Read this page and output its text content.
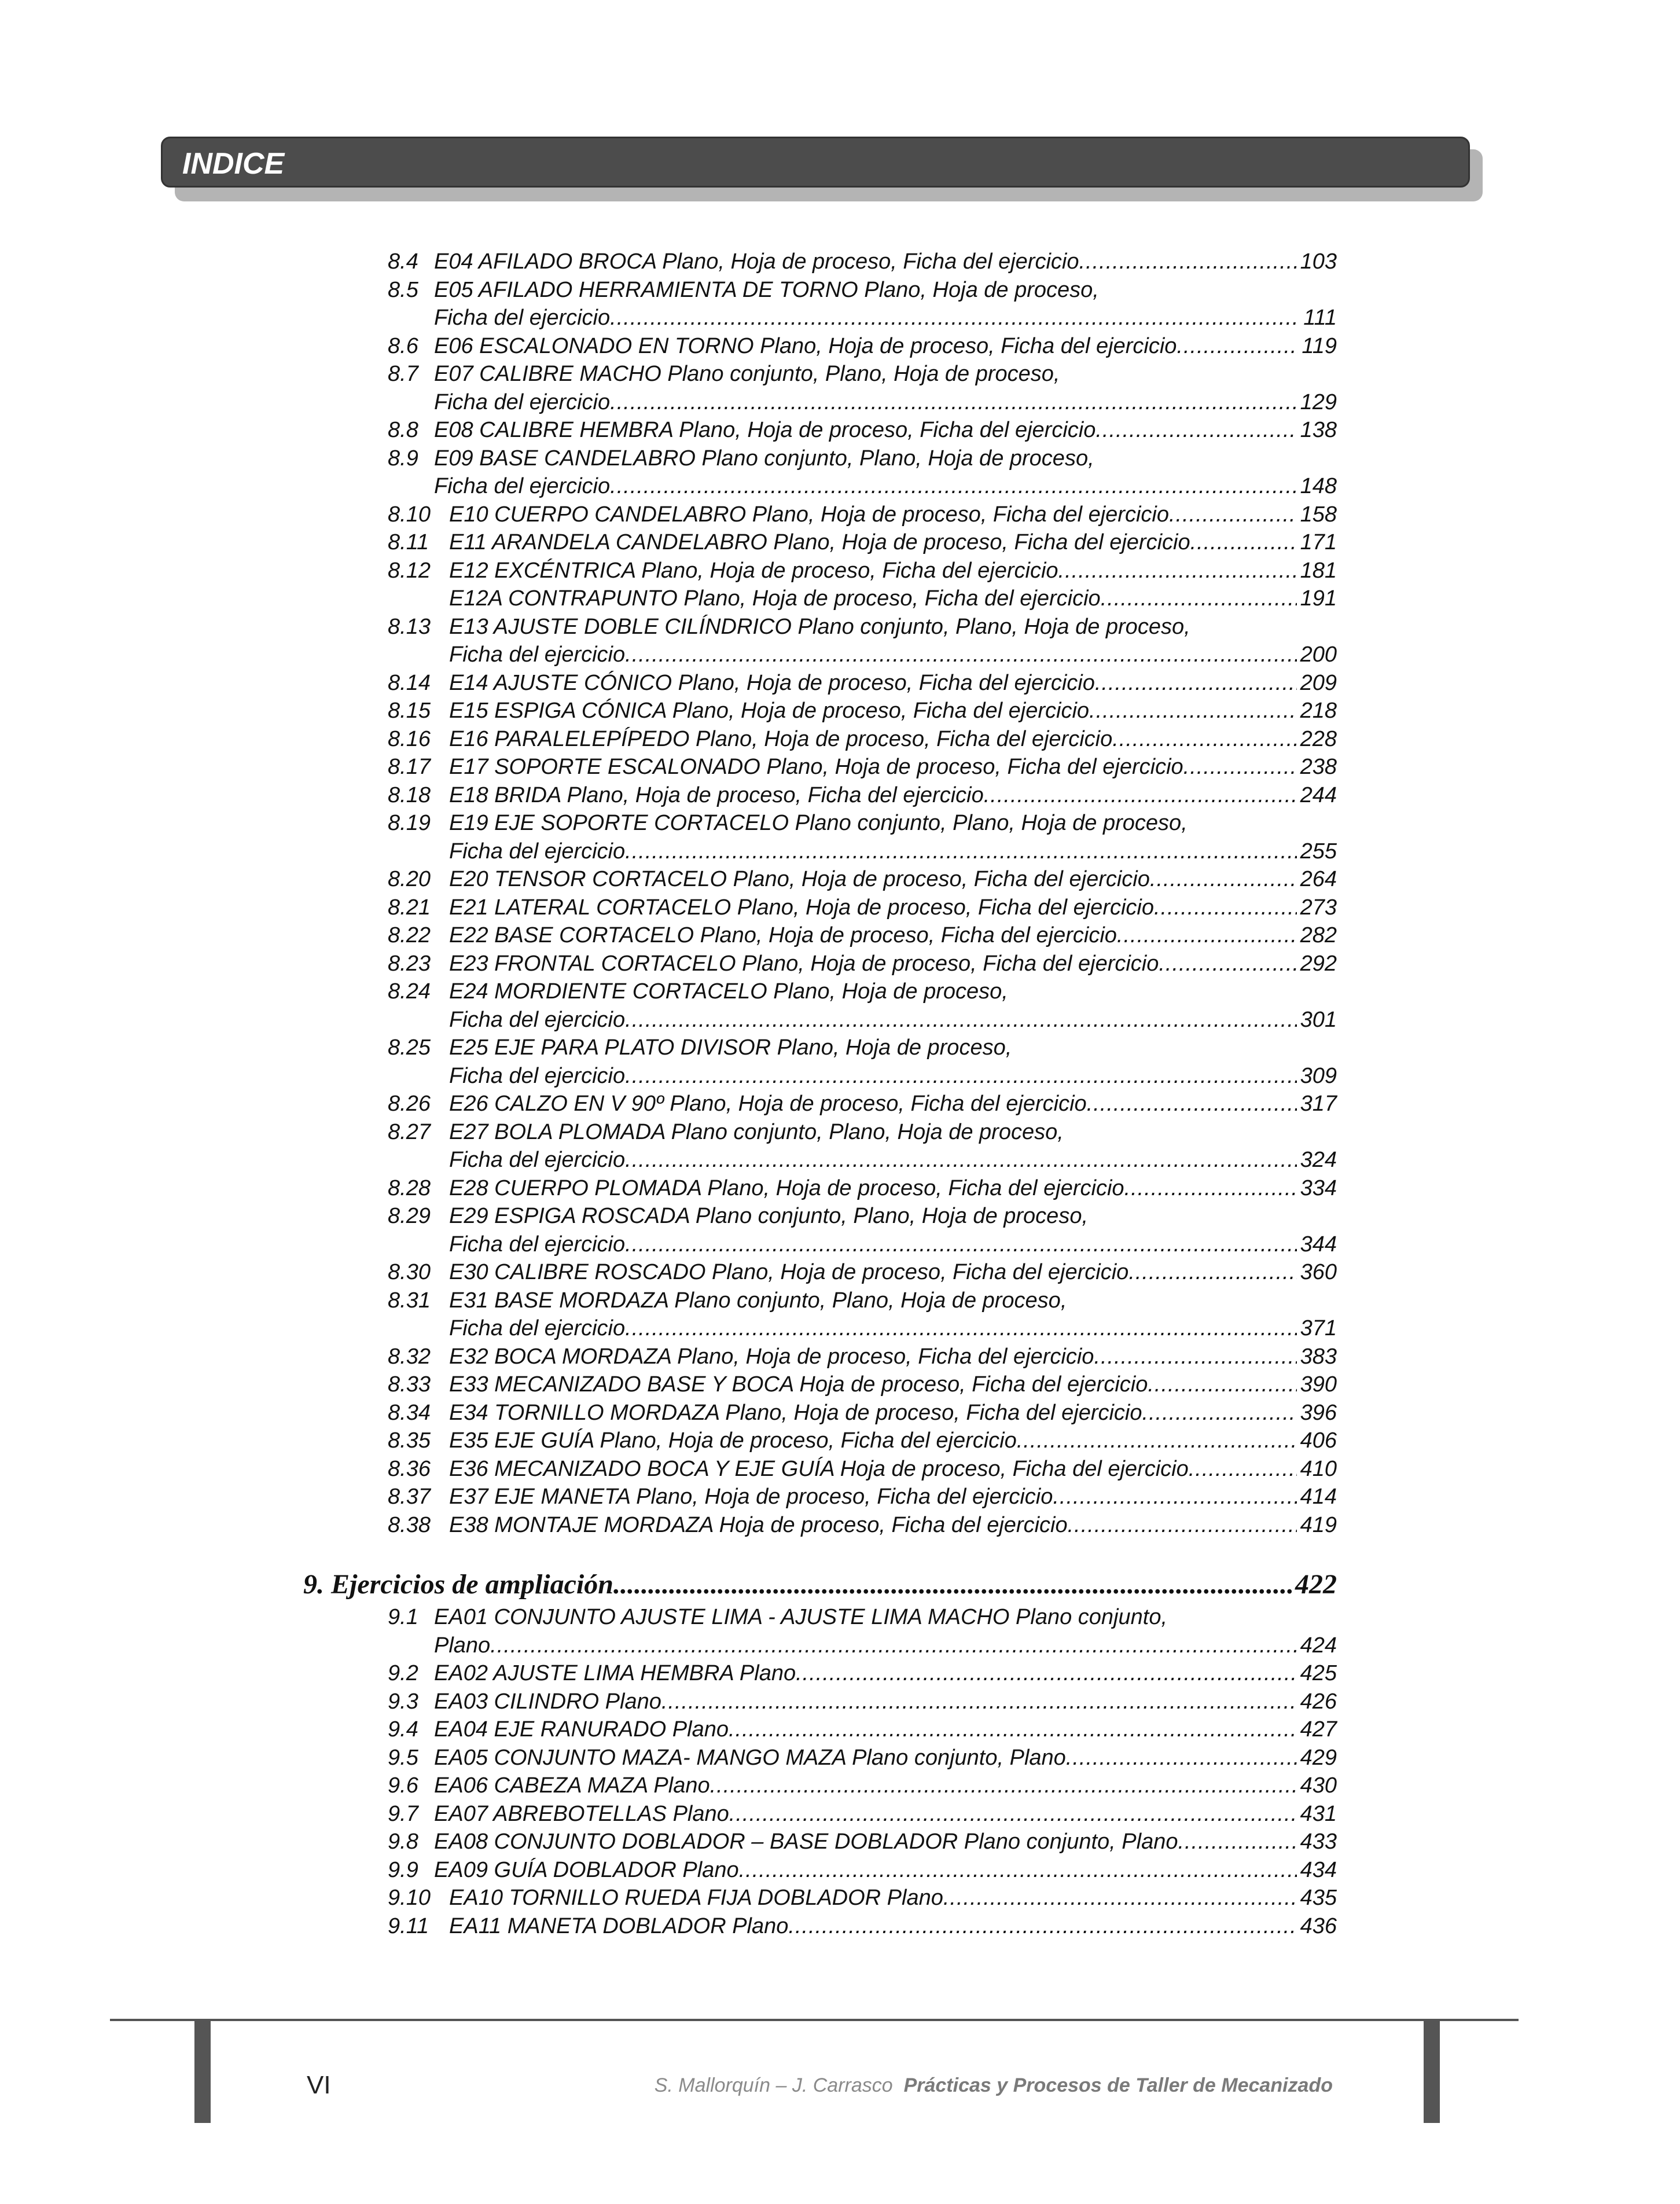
INDICE
8.4 E04 AFILADO BROCA Plano, Hoja de proceso, Ficha del ejercicio .....	103
8.5 E05 AFILADO HERRAMIENTA DE TORNO Plano, Hoja de proceso,
Ficha del ejercicio .....	111
8.6 E06 ESCALONADO EN TORNO Plano, Hoja de proceso, Ficha del ejercicio .....	119
8.7 E07 CALIBRE MACHO Plano conjunto, Plano, Hoja de proceso,
Ficha del ejercicio .....	129
8.8 E08 CALIBRE HEMBRA Plano, Hoja de proceso, Ficha del ejercicio .....	138
8.9 E09 BASE CANDELABRO Plano conjunto, Plano, Hoja de proceso,
Ficha del ejercicio .....	148
8.10 E10 CUERPO CANDELABRO Plano, Hoja de proceso, Ficha del ejercicio .....	158
8.11 E11 ARANDELA CANDELABRO Plano, Hoja de proceso, Ficha del ejercicio .....	171
8.12 E12 EXCÉNTRICA Plano, Hoja de proceso, Ficha del ejercicio .....	181
E12A CONTRAPUNTO Plano, Hoja de proceso, Ficha del ejercicio .....	191
8.13 E13 AJUSTE DOBLE CILÍNDRICO Plano conjunto, Plano, Hoja de proceso,
Ficha del ejercicio .....	200
8.14 E14 AJUSTE CÓNICO Plano, Hoja de proceso, Ficha del ejercicio .....	209
8.15 E15 ESPIGA CÓNICA Plano, Hoja de proceso, Ficha del ejercicio .....	218
8.16 E16 PARALELEPÍPEDO Plano, Hoja de proceso, Ficha del ejercicio .....	228
8.17 E17 SOPORTE ESCALONADO Plano, Hoja de proceso, Ficha del ejercicio .....	238
8.18 E18 BRIDA Plano, Hoja de proceso, Ficha del ejercicio .....	244
8.19 E19 EJE SOPORTE CORTACELO Plano conjunto, Plano, Hoja de proceso,
Ficha del ejercicio .....	255
8.20 E20 TENSOR CORTACELO Plano, Hoja de proceso, Ficha del ejercicio .....	264
8.21 E21 LATERAL CORTACELO Plano, Hoja de proceso, Ficha del ejercicio .....	273
8.22 E22 BASE CORTACELO Plano, Hoja de proceso, Ficha del ejercicio .....	282
8.23 E23 FRONTAL CORTACELO Plano, Hoja de proceso, Ficha del ejercicio .....	292
8.24 E24 MORDIENTE CORTACELO Plano, Hoja de proceso,
Ficha del ejercicio .....	301
8.25 E25 EJE PARA PLATO DIVISOR Plano, Hoja de proceso,
Ficha del ejercicio .....	309
8.26 E26 CALZO EN V 90º Plano, Hoja de proceso, Ficha del ejercicio .....	317
8.27 E27 BOLA PLOMADA Plano conjunto, Plano, Hoja de proceso,
Ficha del ejercicio .....	324
8.28 E28 CUERPO PLOMADA Plano, Hoja de proceso, Ficha del ejercicio .....	334
8.29 E29 ESPIGA ROSCADA Plano conjunto, Plano, Hoja de proceso,
Ficha del ejercicio .....	344
8.30 E30 CALIBRE ROSCADO Plano, Hoja de proceso, Ficha del ejercicio .....	360
8.31 E31 BASE MORDAZA Plano conjunto, Plano, Hoja de proceso,
Ficha del ejercicio .....	371
8.32 E32 BOCA MORDAZA Plano, Hoja de proceso, Ficha del ejercicio .....	383
8.33 E33 MECANIZADO BASE Y BOCA Hoja de proceso, Ficha del ejercicio .....	390
8.34 E34 TORNILLO MORDAZA Plano, Hoja de proceso, Ficha del ejercicio .....	396
8.35 E35 EJE GUÍA Plano, Hoja de proceso, Ficha del ejercicio .....	406
8.36 E36 MECANIZADO BOCA Y EJE GUÍA Hoja de proceso, Ficha del ejercicio .....	410
8.37 E37 EJE MANETA Plano, Hoja de proceso, Ficha del ejercicio .....	414
8.38 E38 MONTAJE MORDAZA Hoja de proceso, Ficha del ejercicio .....	419
9. Ejercicios de ampliación .....	422
9.1 EA01 CONJUNTO AJUSTE LIMA - AJUSTE LIMA MACHO Plano conjunto,
Plano .....	424
9.2 EA02 AJUSTE LIMA HEMBRA Plano .....	425
9.3 EA03 CILINDRO Plano .....	426
9.4 EA04 EJE RANURADO Plano .....	427
9.5 EA05 CONJUNTO MAZA- MANGO MAZA Plano conjunto, Plano .....	429
9.6 EA06 CABEZA MAZA Plano .....	430
9.7 EA07 ABREBOTELLAS Plano .....	431
9.8 EA08 CONJUNTO DOBLADOR – BASE DOBLADOR Plano conjunto, Plano .....	433
9.9 EA09 GUÍA DOBLADOR Plano .....	434
9.10 EA10 TORNILLO RUEDA FIJA DOBLADOR Plano .....	435
9.11 EA11 MANETA DOBLADOR Plano .....	436
VI	S. Mallorquín – J. Carrasco Prácticas y Procesos de Taller de Mecanizado
